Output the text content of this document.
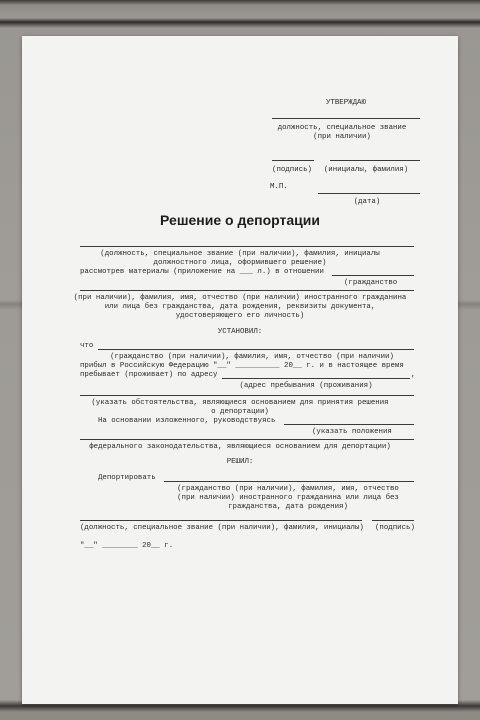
УТВЕРЖДАЮ
должность, специальное звание
(при наличии)
(подпись) (инициалы, фамилия)
М.П.
(дата)
Решение о депортации
(должность, специальное звание (при наличии), фамилия, инициалы
должностного лица, оформившего решение)
рассмотрев материалы (приложение на ___ л.) в отношении
(гражданство
(при наличии), фамилия, имя, отчество (при наличии) иностранного гражданина
или лица без гражданства, дата рождения, реквизиты документа,
удостоверяющего его личность)
УСТАНОВИЛ:
что
(гражданство (при наличии), фамилия, имя, отчество (при наличии)
прибыл в Российскую Федерацию "__" __________ 20__ г. и в настоящее время
пребывает (проживает) по адресу	,
(адрес пребывания (проживания)
(указать обстоятельства, являющиеся основанием для принятия решения
о депортации)
На основании изложенного, руководствуясь
(указать положения
федерального законодательства, являющиеся основанием для депортации)
РЕШИЛ:
Депортировать
(гражданство (при наличии), фамилия, имя, отчество
(при наличии) иностранного гражданина или лица без
гражданства, дата рождения)
(должность, специальное звание (при наличии), фамилия, инициалы) (подпись)
"__" ________ 20__ г.
